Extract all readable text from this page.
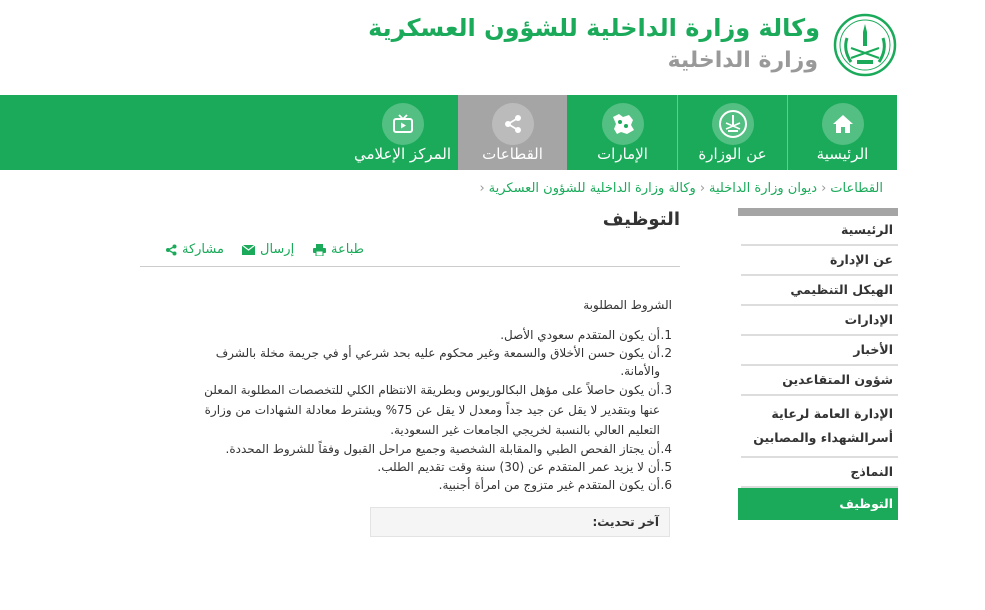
وكالة وزارة الداخلية للشؤون العسكرية
وزارة الداخلية
الرئيسية
عن الوزارة
الإمارات
القطاعات
المركز الإعلامي
القطاعات‹ديوان وزارة الداخلية‹وكالة وزارة الداخلية للشؤون العسكرية‹
التوظيف
طباعة
إرسال
مشاركة
الشروط المطلوبة
1.
أن يكون المتقدم سعودي الأصل.
2.
أن يكون حسن الأخلاق والسمعة وغير محكوم عليه بحد شرعي أو في جريمة مخلة بالشرف والأمانة.
3.
أن يكون حاصلاً على مؤهل البكالوريوس وبطريقة الانتظام الكلي للتخصصات المطلوبة المعلن عنها وبتقدير لا يقل عن جيد جداً ومعدل لا يقل عن 75% ويشترط معادلة الشهادات من وزارة التعليم العالي بالنسبة لخريجي الجامعات غير السعودية.
4.
أن يجتاز الفحص الطبي والمقابلة الشخصية وجميع مراحل القبول وفقاً للشروط المحددة.
5.
أن لا يزيد عمر المتقدم عن (30) سنة وقت تقديم الطلب.
6.
أن يكون المتقدم غير متزوج من امرأة أجنبية.
آخر تحديث:
الرئيسية
عن الإدارة
الهيكل التنظيمي
الإدارات
الأخبار
شؤون المتقاعدين
الإدارة العامة لرعاية أسرالشهداء والمصابين
النماذج
التوظيف
